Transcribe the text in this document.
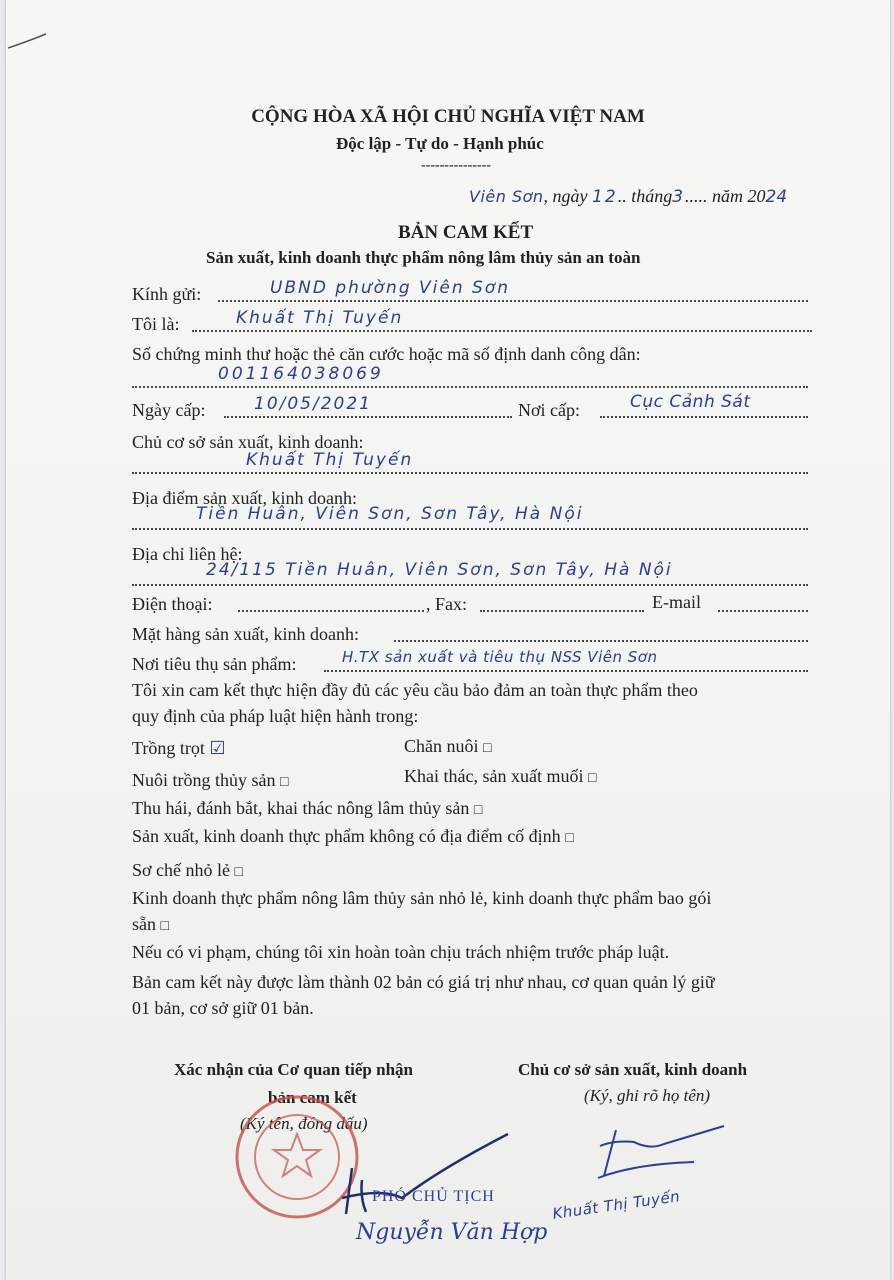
CỘNG HÒA XÃ HỘI CHỦ NGHĨA VIỆT NAM
Độc lập - Tự do - Hạnh phúc
---------------
Viên Sơn, ngày 12.. tháng3..... năm 2024
BẢN CAM KẾT
Sản xuất, kinh doanh thực phẩm nông lâm thủy sản an toàn
Kính gửi:	UBND phường Viên Sơn
Tôi là:	Khuất Thị Tuyến
Số chứng minh thư hoặc thẻ căn cước hoặc mã số định danh công dân:
001164038069
Ngày cấp:	10/05/2021	Nơi cấp:	Cục Cảnh Sát
Chủ cơ sở sản xuất, kinh doanh:
Khuất Thị Tuyến
Địa điểm sản xuất, kinh doanh:
Tiền Huân, Viên Sơn, Sơn Tây, Hà Nội
Địa chỉ liên hệ:
24/115 Tiền Huân, Viên Sơn, Sơn Tây, Hà Nội
Điện thoại:	, Fax:	E-mail
Mặt hàng sản xuất, kinh doanh:
Nơi tiêu thụ sản phẩm:	H.TX sản xuất và tiêu thụ NSS Viên Sơn
Tôi xin cam kết thực hiện đầy đủ các yêu cầu bảo đảm an toàn thực phẩm theo
quy định của pháp luật hiện hành trong:
Trồng trọt ☑	Chăn nuôi □
Nuôi trồng thủy sản □	Khai thác, sản xuất muối □
Thu hái, đánh bắt, khai thác nông lâm thủy sản □
Sản xuất, kinh doanh thực phẩm không có địa điểm cố định □
Sơ chế nhỏ lẻ □
Kinh doanh thực phẩm nông lâm thủy sản nhỏ lẻ, kinh doanh thực phẩm bao gói
sẵn □
Nếu có vi phạm, chúng tôi xin hoàn toàn chịu trách nhiệm trước pháp luật.
Bản cam kết này được làm thành 02 bản có giá trị như nhau, cơ quan quản lý giữ
01 bản, cơ sở giữ 01 bản.
Xác nhận của Cơ quan tiếp nhận
bản cam kết
(Ký tên, đóng dấu)
PHÓ CHỦ TỊCH
Nguyễn Văn Hợp
Chủ cơ sở sản xuất, kinh doanh
(Ký, ghi rõ họ tên)
Khuất Thị Tuyến
